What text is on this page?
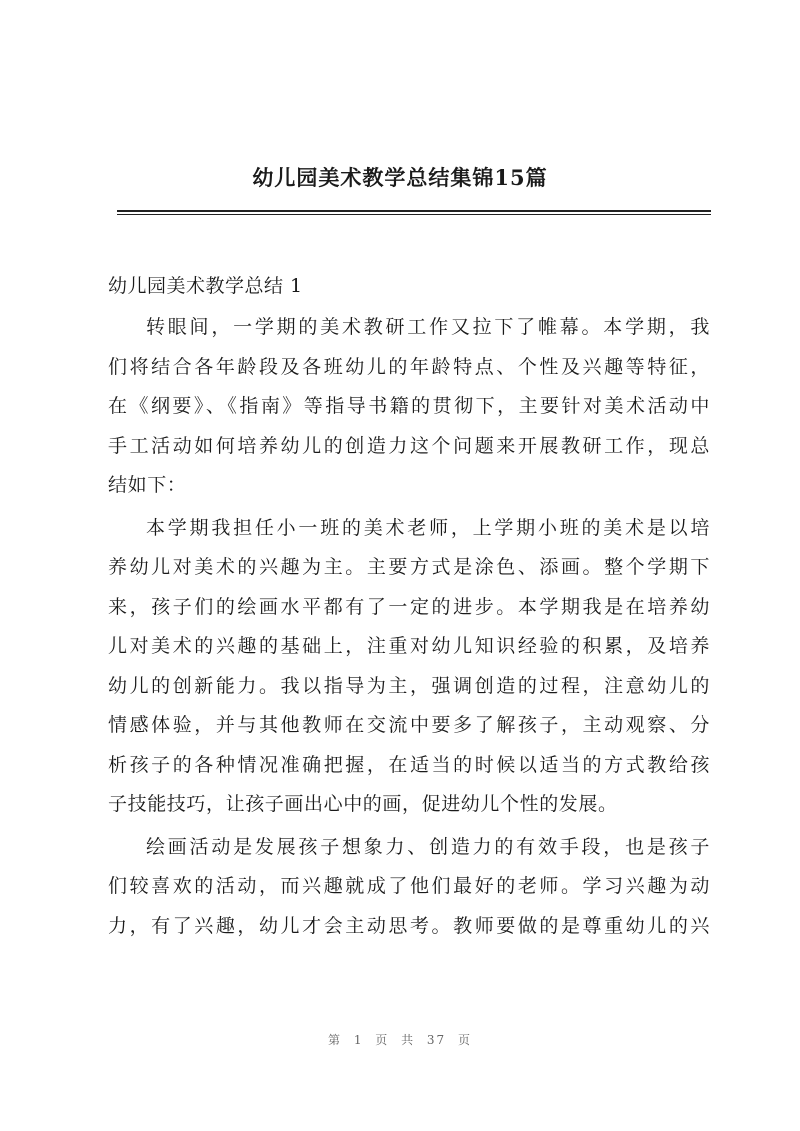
幼儿园美术教学总结集锦15篇
幼儿园美术教学总结 1

转眼间，一学期的美术教研工作又拉下了帷幕。本学期，我
们将结合各年龄段及各班幼儿的年龄特点、个性及兴趣等特征，
在《纲要》、《指南》等指导书籍的贯彻下，主要针对美术活动中
手工活动如何培养幼儿的创造力这个问题来开展教研工作，现总
结如下：

本学期我担任小一班的美术老师，上学期小班的美术是以培
养幼儿对美术的兴趣为主。主要方式是涂色、添画。整个学期下
来，孩子们的绘画水平都有了一定的进步。本学期我是在培养幼
儿对美术的兴趣的基础上，注重对幼儿知识经验的积累，及培养
幼儿的创新能力。我以指导为主，强调创造的过程，注意幼儿的
情感体验，并与其他教师在交流中要多了解孩子，主动观察、分
析孩子的各种情况准确把握，在适当的时候以适当的方式教给孩
子技能技巧，让孩子画出心中的画，促进幼儿个性的发展。

绘画活动是发展孩子想象力、创造力的有效手段，也是孩子
们较喜欢的活动，而兴趣就成了他们最好的老师。学习兴趣为动
力，有了兴趣，幼儿才会主动思考。教师要做的是尊重幼儿的兴

第 1 页 共 37 页
